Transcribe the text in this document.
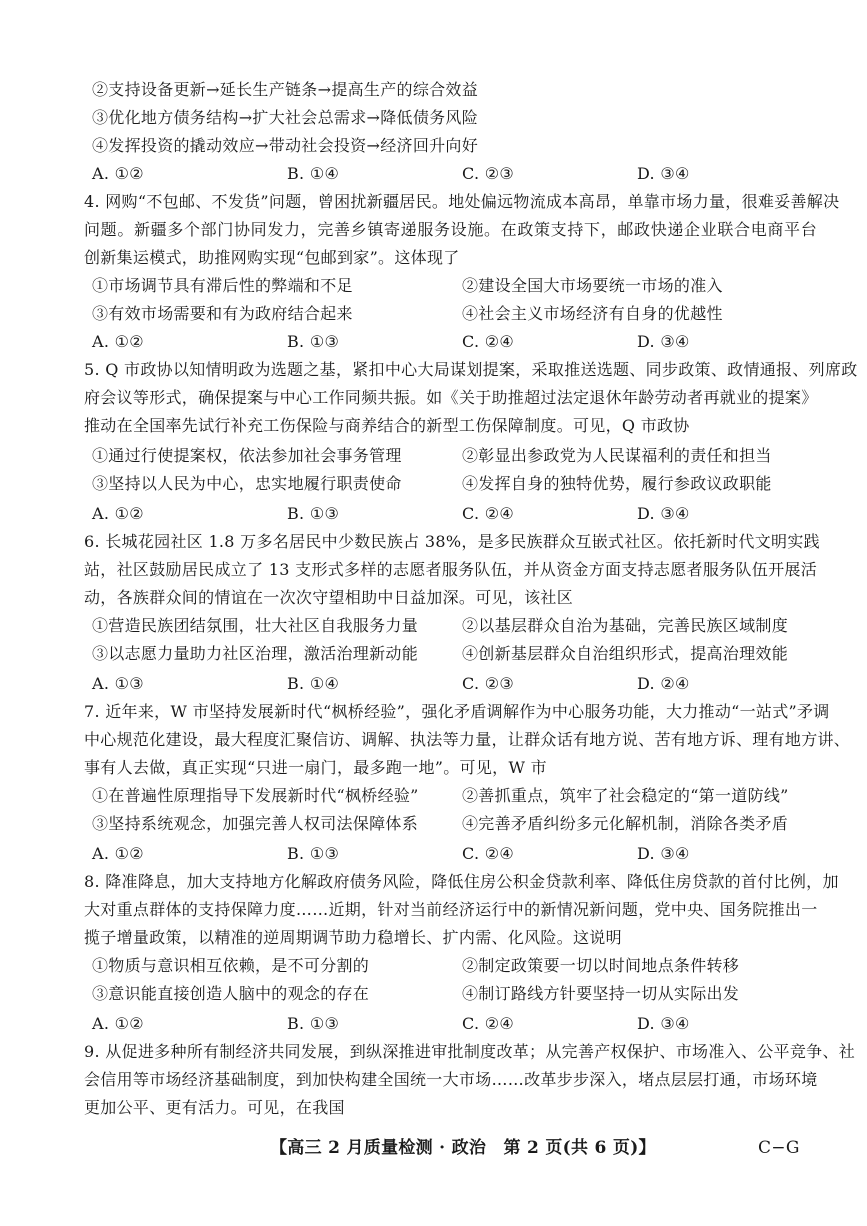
②支持设备更新→延长生产链条→提高生产的综合效益
③优化地方债务结构→扩大社会总需求→降低债务风险
④发挥投资的撬动效应→带动社会投资→经济回升向好
A. ①②	B. ①④	C. ②③	D. ③④
4. 网购“不包邮、不发货”问题，曾困扰新疆居民。地处偏远物流成本高昂，单靠市场力量，很难妥善解决
问题。新疆多个部门协同发力，完善乡镇寄递服务设施。在政策支持下，邮政快递企业联合电商平台
创新集运模式，助推网购实现“包邮到家”。这体现了
①市场调节具有滞后性的弊端和不足	②建设全国大市场要统一市场的准入
③有效市场需要和有为政府结合起来	④社会主义市场经济有自身的优越性
A. ①②	B. ①③	C. ②④	D. ③④
5. Q 市政协以知情明政为选题之基，紧扣中心大局谋划提案，采取推送选题、同步政策、政情通报、列席政
府会议等形式，确保提案与中心工作同频共振。如《关于助推超过法定退休年龄劳动者再就业的提案》
推动在全国率先试行补充工伤保险与商养结合的新型工伤保障制度。可见，Q 市政协
①通过行使提案权，依法参加社会事务管理	②彰显出参政党为人民谋福利的责任和担当
③坚持以人民为中心，忠实地履行职责使命	④发挥自身的独特优势，履行参政议政职能
A. ①②	B. ①③	C. ②④	D. ③④
6. 长城花园社区 1.8 万多名居民中少数民族占 38%，是多民族群众互嵌式社区。依托新时代文明实践
站，社区鼓励居民成立了 13 支形式多样的志愿者服务队伍，并从资金方面支持志愿者服务队伍开展活
动，各族群众间的情谊在一次次守望相助中日益加深。可见，该社区
①营造民族团结氛围，壮大社区自我服务力量	②以基层群众自治为基础，完善民族区域制度
③以志愿力量助力社区治理，激活治理新动能	④创新基层群众自治组织形式，提高治理效能
A. ①③	B. ①④	C. ②③	D. ②④
7. 近年来，W 市坚持发展新时代“枫桥经验”，强化矛盾调解作为中心服务功能，大力推动“一站式”矛调
中心规范化建设，最大程度汇聚信访、调解、执法等力量，让群众话有地方说、苦有地方诉、理有地方讲、
事有人去做，真正实现“只进一扇门，最多跑一地”。可见，W 市
①在普遍性原理指导下发展新时代“枫桥经验”	②善抓重点，筑牢了社会稳定的“第一道防线”
③坚持系统观念，加强完善人权司法保障体系	④完善矛盾纠纷多元化解机制，消除各类矛盾
A. ①②	B. ①③	C. ②④	D. ③④
8. 降准降息，加大支持地方化解政府债务风险，降低住房公积金贷款利率、降低住房贷款的首付比例，加
大对重点群体的支持保障力度……近期，针对当前经济运行中的新情况新问题，党中央、国务院推出一
揽子增量政策，以精准的逆周期调节助力稳增长、扩内需、化风险。这说明
①物质与意识相互依赖，是不可分割的	②制定政策要一切以时间地点条件转移
③意识能直接创造人脑中的观念的存在	④制订路线方针要坚持一切从实际出发
A. ①②	B. ①③	C. ②④	D. ③④
9. 从促进多种所有制经济共同发展，到纵深推进审批制度改革；从完善产权保护、市场准入、公平竞争、社
会信用等市场经济基础制度，到加快构建全国统一大市场……改革步步深入，堵点层层打通，市场环境
更加公平、更有活力。可见，在我国
【高三 2 月质量检测 · 政治　第 2 页(共 6 页)】	C−G
